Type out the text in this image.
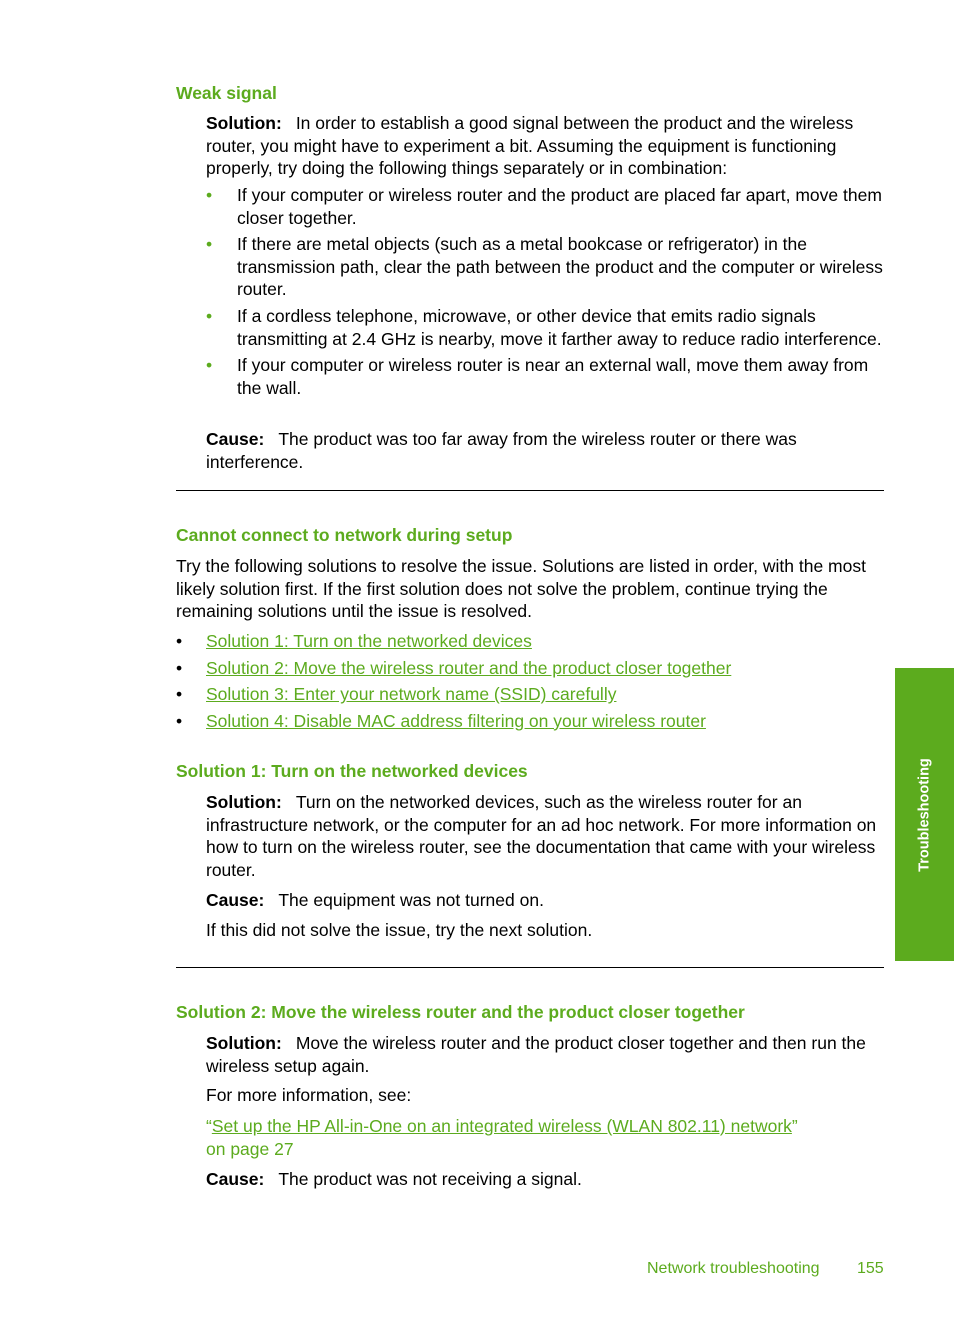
Weak signal

Solution: In order to establish a good signal between the product and the wireless router, you might have to experiment a bit. Assuming the equipment is functioning properly, try doing the following things separately or in combination:

• If your computer or wireless router and the product are placed far apart, move them closer together.
• If there are metal objects (such as a metal bookcase or refrigerator) in the transmission path, clear the path between the product and the computer or wireless router.
• If a cordless telephone, microwave, or other device that emits radio signals transmitting at 2.4 GHz is nearby, move it farther away to reduce radio interference.
• If your computer or wireless router is near an external wall, move them away from the wall.

Cause: The product was too far away from the wireless router or there was interference.

Cannot connect to network during setup

Try the following solutions to resolve the issue. Solutions are listed in order, with the most likely solution first. If the first solution does not solve the problem, continue trying the remaining solutions until the issue is resolved.

• Solution 1: Turn on the networked devices
• Solution 2: Move the wireless router and the product closer together
• Solution 3: Enter your network name (SSID) carefully
• Solution 4: Disable MAC address filtering on your wireless router
Solution 1: Turn on the networked devices

Solution: Turn on the networked devices, such as the wireless router for an infrastructure network, or the computer for an ad hoc network. For more information on how to turn on the wireless router, see the documentation that came with your wireless router.

Cause: The equipment was not turned on.

If this did not solve the issue, try the next solution.

Solution 2: Move the wireless router and the product closer together

Solution: Move the wireless router and the product closer together and then run the wireless setup again.

For more information, see:

“Set up the HP All-in-One on an integrated wireless (WLAN 802.11) network”
on page 27

Cause: The product was not receiving a signal.

Troubleshooting

Network troubleshooting 155
